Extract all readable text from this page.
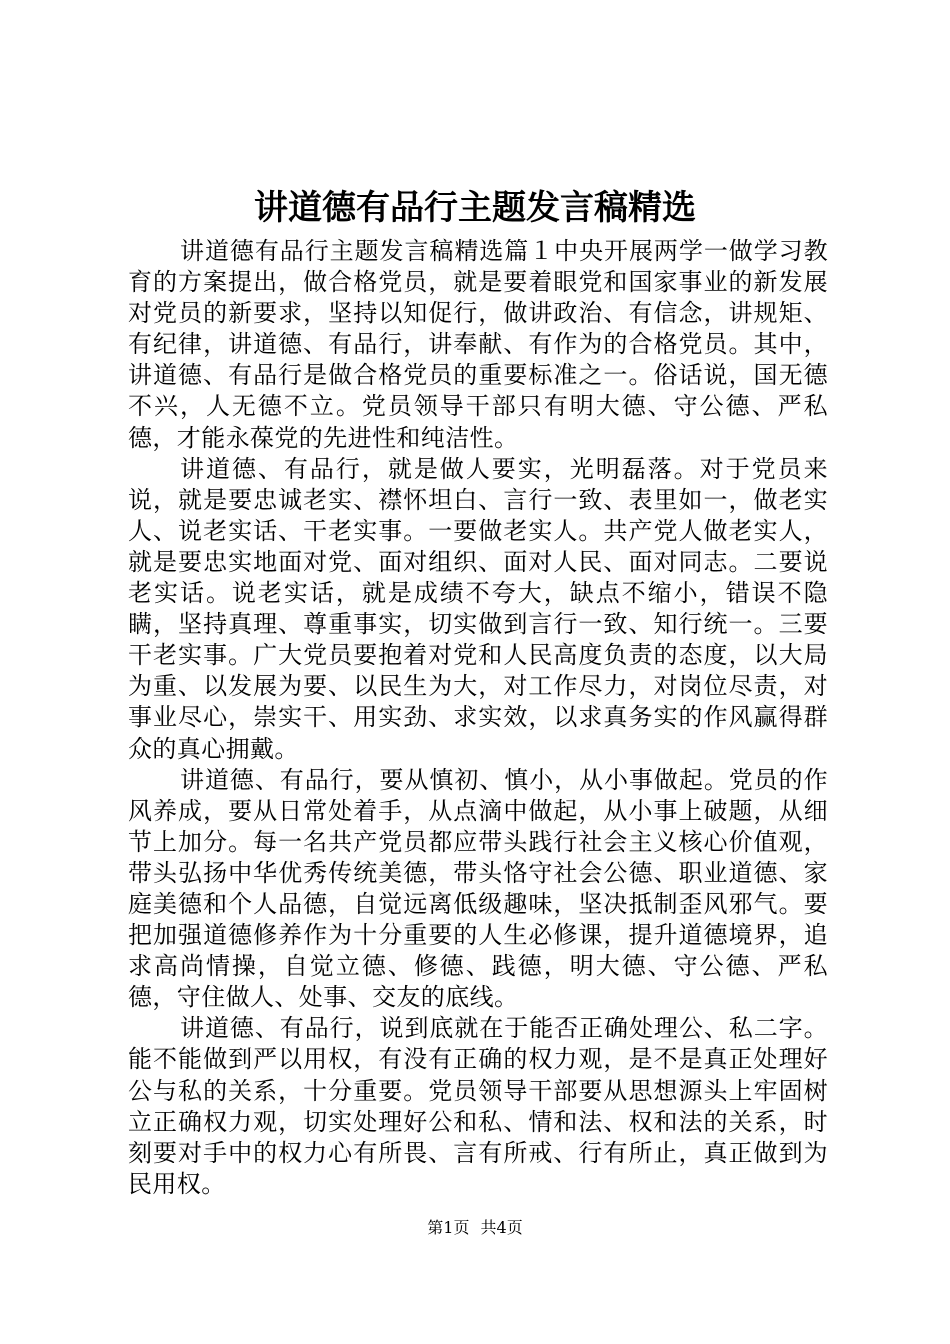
讲道德有品行主题发言稿精选

讲道德有品行主题发言稿精选篇１中央开展两学一做学习教育的方案提出，做合格党员，就是要着眼党和国家事业的新发展对党员的新要求，坚持以知促行，做讲政治、有信念，讲规矩、有纪律，讲道德、有品行，讲奉献、有作为的合格党员。其中，讲道德、有品行是做合格党员的重要标准之一。俗话说，国无德不兴，人无德不立。党员领导干部只有明大德、守公德、严私德，才能永葆党的先进性和纯洁性。

讲道德、有品行，就是做人要实，光明磊落。对于党员来说，就是要忠诚老实、襟怀坦白、言行一致、表里如一，做老实人、说老实话、干老实事。一要做老实人。共产党人做老实人，就是要忠实地面对党、面对组织、面对人民、面对同志。二要说老实话。说老实话，就是成绩不夸大，缺点不缩小，错误不隐瞒，坚持真理、尊重事实，切实做到言行一致、知行统一。三要干老实事。广大党员要抱着对党和人民高度负责的态度，以大局为重、以发展为要、以民生为大，对工作尽力，对岗位尽责，对事业尽心，崇实干、用实劲、求实效，以求真务实的作风赢得群众的真心拥戴。

讲道德、有品行，要从慎初、慎小，从小事做起。党员的作风养成，要从日常处着手，从点滴中做起，从小事上破题，从细节上加分。每一名共产党员都应带头践行社会主义核心价值观，带头弘扬中华优秀传统美德，带头恪守社会公德、职业道德、家庭美德和个人品德，自觉远离低级趣味，坚决抵制歪风邪气。要把加强道德修养作为十分重要的人生必修课，提升道德境界，追求高尚情操，自觉立德、修德、践德，明大德、守公德、严私德，守住做人、处事、交友的底线。

讲道德、有品行，说到底就在于能否正确处理公、私二字。能不能做到严以用权，有没有正确的权力观，是不是真正处理好公与私的关系，十分重要。党员领导干部要从思想源头上牢固树立正确权力观，切实处理好公和私、情和法、权和法的关系，时刻要对手中的权力心有所畏、言有所戒、行有所止，真正做到为民用权。

第1页 共4页
